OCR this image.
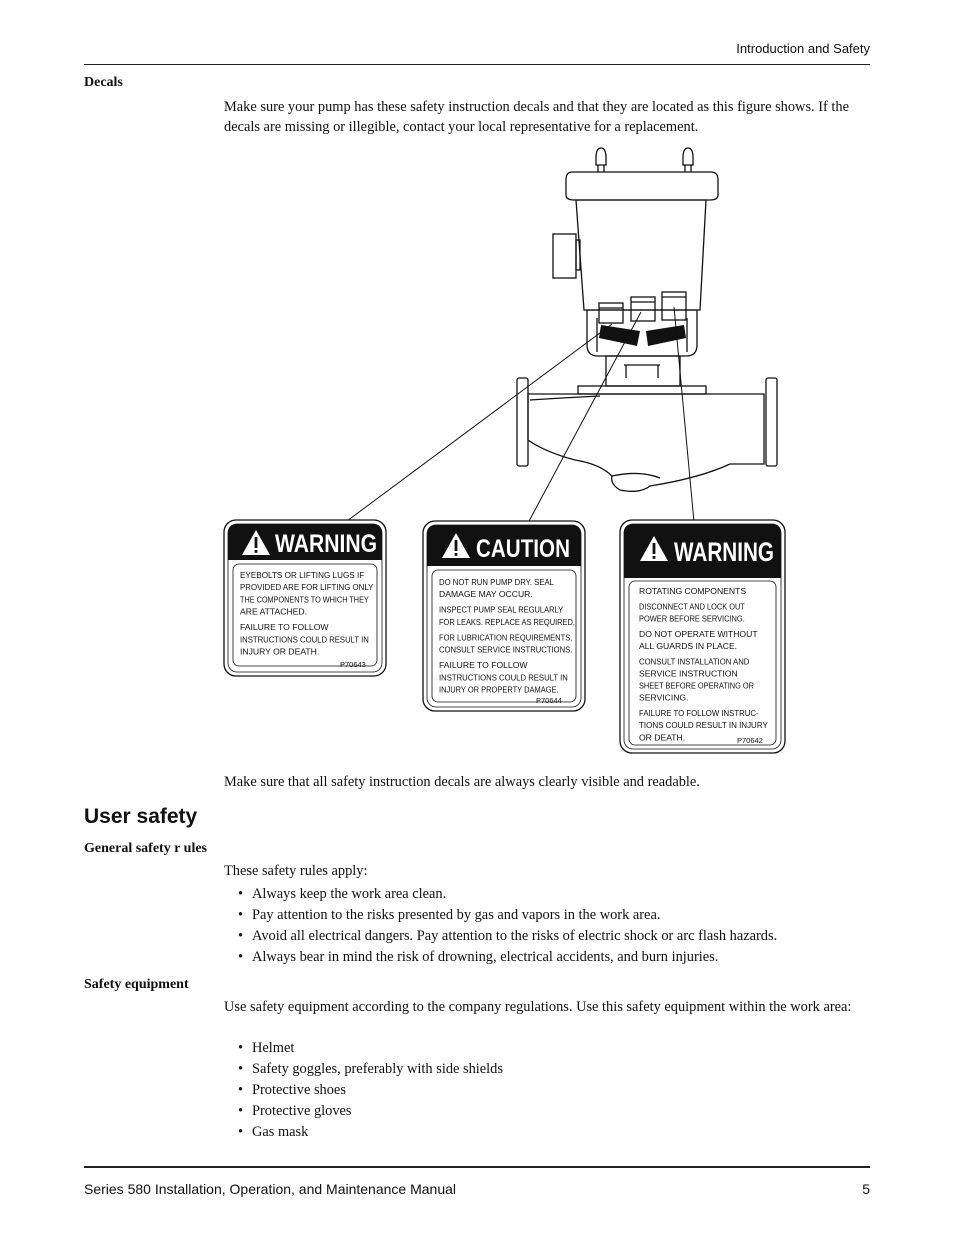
Introduction and Safety
Decals
Make sure your pump has these safety instruction decals and that they are located as this figure shows. If the decals are missing or illegible, contact your local representative for a replacement.
WARNING
EYEBOLTS OR LIFTING LUGS IF
PROVIDED ARE FOR LIFTING ONLY
THE COMPONENTS TO WHICH THEY
ARE ATTACHED.
FAILURE TO FOLLOW
INSTRUCTIONS COULD RESULT IN
INJURY OR DEATH.
P70643
CAUTION
DO NOT RUN PUMP DRY. SEAL
DAMAGE MAY OCCUR.
INSPECT PUMP SEAL REGULARLY
FOR LEAKS. REPLACE AS REQUIRED.
FOR LUBRICATION REQUIREMENTS,
CONSULT SERVICE INSTRUCTIONS.
FAILURE TO FOLLOW
INSTRUCTIONS COULD RESULT IN
INJURY OR PROPERTY DAMAGE.
P70644
WARNING
ROTATING COMPONENTS
DISCONNECT AND LOCK OUT
POWER BEFORE SERVICING.
DO NOT OPERATE WITHOUT
ALL GUARDS IN PLACE.
CONSULT INSTALLATION AND
SERVICE INSTRUCTION
SHEET BEFORE OPERATING OR
SERVICING.
FAILURE TO FOLLOW INSTRUC-
TIONS COULD RESULT IN INJURY
OR DEATH.	P70642
Make sure that all safety instruction decals are always clearly visible and readable.
User safety
General safety r ules
These safety rules apply:
• Always keep the work area clean.
• Pay attention to the risks presented by gas and vapors in the work area.
• Avoid all electrical dangers. Pay attention to the risks of electric shock or arc flash hazards.
• Always bear in mind the risk of drowning, electrical accidents, and burn injuries.
Safety equipment
Use safety equipment according to the company regulations. Use this safety equipment within the work area:
• Helmet
• Safety goggles, preferably with side shields
• Protective shoes
• Protective gloves
• Gas mask
Series 580 Installation, Operation, and Maintenance Manual	5
